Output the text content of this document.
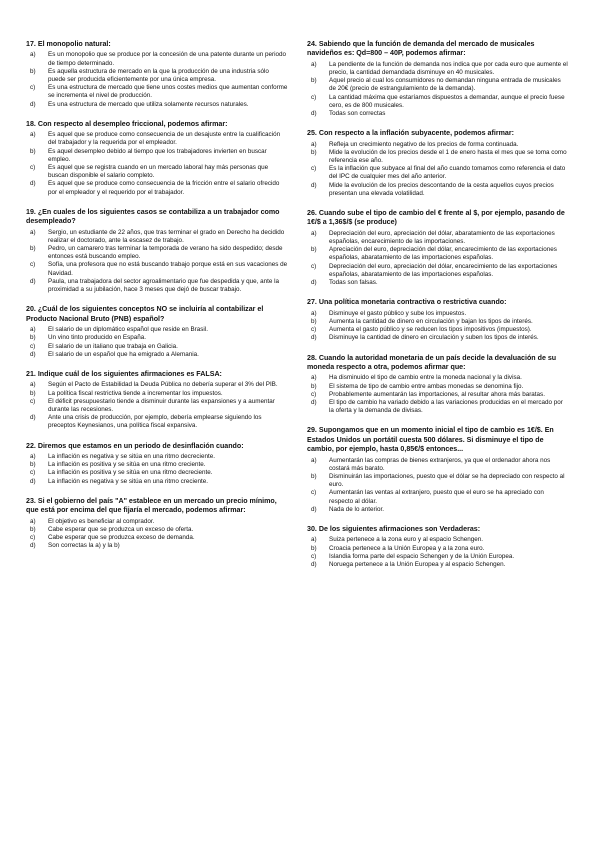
17. El monopolio natural:
a)	Es un monopolio que se produce por la concesión de una patente durante un periodo de tiempo determinado.
b)	Es aquella estructura de mercado en la que la producción de una industria sólo puede ser producida eficientemente por una única empresa.
c)	Es una estructura de mercado que tiene unos costes medios que aumentan conforme se incrementa el nivel de producción.
d)	Es una estructura de mercado que utiliza solamente recursos naturales.
18. Con respecto al desempleo friccional, podemos afirmar:
a)	Es aquel que se produce como consecuencia de un desajuste entre la cualificación del trabajador y la requerida por el empleador.
b)	Es aquel desempleo debido al tiempo que los trabajadores invierten en buscar empleo.
c)	Es aquel que se registra cuando en un mercado laboral hay más personas que buscan disponible el salario completo.
d)	Es aquel que se produce como consecuencia de la fricción entre el salario ofrecido por el empleador y el requerido por el trabajador.
19. ¿En cuales de los siguientes casos se contabiliza a un trabajador como desempleado?
a)	Sergio, un estudiante de 22 años, que tras terminar el grado en Derecho ha decidido realizar el doctorado, ante la escasez de trabajo.
b)	Pedro, un camarero tras terminar la temporada de verano ha sido despedido; desde entonces está buscando empleo.
c)	Sofía, una profesora que no está buscando trabajo porque está en sus vacaciones de Navidad.
d)	Paula, una trabajadora del sector agroalimentario que fue despedida y que, ante la proximidad a su jubilación, hace 3 meses que dejó de buscar trabajo.
20. ¿Cuál de los siguientes conceptos NO se incluiría al contabilizar el Producto Nacional Bruto (PNB) español?
a)	El salario de un diplomático español que reside en Brasil.
b)	Un vino tinto producido en España.
c)	El salario de un italiano que trabaja en Galicia.
d)	El salario de un español que ha emigrado a Alemania.
21. Indique cuál de los siguientes afirmaciones es FALSA:
a)	Según el Pacto de Estabilidad la Deuda Pública no debería superar el 3% del PIB.
b)	La política fiscal restrictiva tiende a incrementar los impuestos.
c)	El déficit presupuestario tiende a disminuir durante las expansiones y a aumentar durante las recesiones.
d)	Ante una crisis de producción, por ejemplo, debería emplearse siguiendo los preceptos Keynesianos, una política fiscal expansiva.
22. Diremos que estamos en un periodo de desinflación cuando:
a)	La inflación es negativa y se sitúa en una ritmo decreciente.
b)	La inflación es positiva y se sitúa en una ritmo creciente.
c)	La inflación es positiva y se sitúa en una ritmo decreciente.
d)	La inflación es negativa y se sitúa en una ritmo creciente.
23. Si el gobierno del país "A" establece en un mercado un precio mínimo, que está por encima del que fijaría el mercado, podemos afirmar:
a)	El objetivo es beneficiar al comprador.
b)	Cabe esperar que se produzca un exceso de oferta.
c)	Cabe esperar que se produzca exceso de demanda.
d)	Son correctas la a) y la b)
24. Sabiendo que la función de demanda del mercado de musicales navideños es: Qd=800 – 40P, podemos afirmar:
a)	La pendiente de la función de demanda nos indica que por cada euro que aumente el precio, la cantidad demandada disminuye en 40 musicales.
b)	Aquel precio al cual los consumidores no demandan ninguna entrada de musicales de 20€ (precio de estrangulamiento de la demanda).
c)	La cantidad máxima que estaríamos dispuestos a demandar, aunque el precio fuese cero, es de 800 musicales.
d)	Todas son correctas
25. Con respecto a la inflación subyacente, podemos afirmar:
a)	Refleja un crecimiento negativo de los precios de forma continuada.
b)	Mide la evolución de los precios desde el 1 de enero hasta el mes que se toma como referencia ese año.
c)	Es la inflación que subyace al final del año cuando tomamos como referencia el dato del IPC de cualquier mes del año anterior.
d)	Mide la evolución de los precios descontando de la cesta aquellos cuyos precios presentan una elevada volatilidad.
26. Cuando sube el tipo de cambio del € frente al $, por ejemplo, pasando de 1€/$ a 1,36$/$ (se produce)
a)	Depreciación del euro, apreciación del dólar, abaratamiento de las exportaciones españolas, encarecimiento de las importaciones.
b)	Apreciación del euro, depreciación del dólar, encarecimiento de las exportaciones españolas, abaratamiento de las importaciones españolas.
c)	Depreciación del euro, apreciación del dólar, encarecimiento de las exportaciones españolas, abaratamiento de las importaciones españolas.
d)	Todas son falsas.
27. Una política monetaria contractiva o restrictiva cuando:
a)	Disminuye el gasto público y sube los impuestos.
b)	Aumenta la cantidad de dinero en circulación y bajan los tipos de interés.
c)	Aumenta el gasto público y se reducen los tipos impositivos (impuestos).
d)	Disminuye la cantidad de dinero en circulación y suben los tipos de interés.
28. Cuando la autoridad monetaria de un país decide la devaluación de su moneda respecto a otra, podemos afirmar que:
a)	Ha disminuido el tipo de cambio entre la moneda nacional y la divisa.
b)	El sistema de tipo de cambio entre ambas monedas se denomina fijo.
c)	Probablemente aumentarán las importaciones, al resultar ahora más baratas.
d)	El tipo de cambio ha variado debido a las variaciones producidas en el mercado por la oferta y la demanda de divisas.
29. Supongamos que en un momento inicial el tipo de cambio es 1€/$. En Estados Unidos un portátil cuesta 500 dólares. Si disminuye el tipo de cambio, por ejemplo, hasta 0,85€/$ entonces...
a)	Aumentarán las compras de bienes extranjeros, ya que el ordenador ahora nos costará más barato.
b)	Disminuirán las importaciones, puesto que el dólar se ha depreciado con respecto al euro.
c)	Aumentarán las ventas al extranjero, puesto que el euro se ha apreciado con respecto al dólar.
d)	Nada de lo anterior.
30. De los siguientes afirmaciones son Verdaderas:
a)	Suiza pertenece a la zona euro y al espacio Schengen.
b)	Croacia pertenece a la Unión Europea y a la zona euro.
c)	Islandia forma parte del espacio Schengen y de la Unión Europea.
d)	Noruega pertenece a la Unión Europea y al espacio Schengen.
